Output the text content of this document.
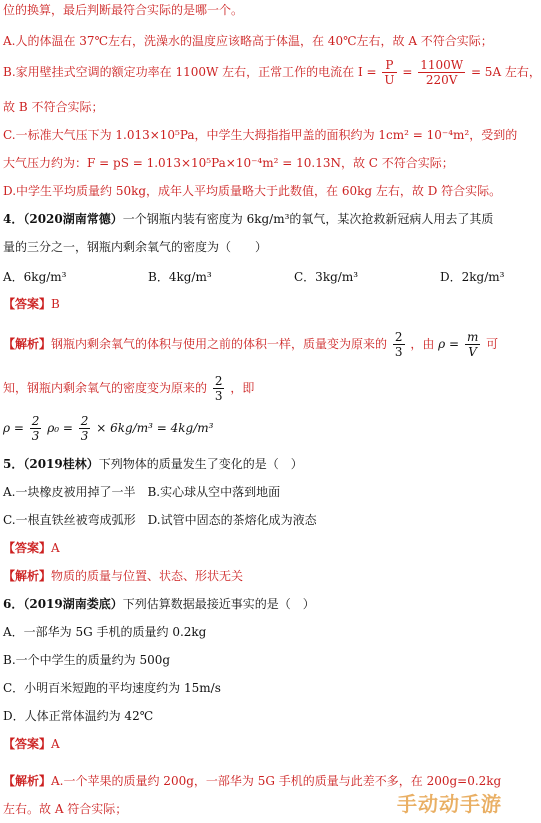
位的换算，最后判断最符合实际的是哪一个。
A.人的体温在 37℃左右，洗澡水的温度应该略高于体温，在 40℃左右，故 A 不符合实际；
B.家用壁挂式空调的额定功率在 1100W 左右，正常工作的电流在 $I = \frac{P}{U} = \frac{1100W}{220V} = 5A$ 左右，
故 B 不符合实际；
C.一标准大气压下为 1.013×10⁵Pa，中学生大拇指指甲盖的面积约为 1cm² = 10⁻⁴m²，受到的
大气压力约为：F = pS = 1.013×10⁵Pa×10⁻⁴m² = 10.13N，故 C 不符合实际；
D.中学生平均质量约 50kg，成年人平均质量略大于此数值，在 60kg 左右，故 D 符合实际。
4．（2020湖南常德）一个钢瓶内装有密度为 6kg/m³的氧气，某次抢救新冠病人用去了其质
量的三分之一，钢瓶内剩余氧气的密度为（　　）
A．6kg/m³	B．4kg/m³	C．3kg/m³	D．2kg/m³
【答案】B
【解析】钢瓶内剩余氧气的体积与使用之前的体积一样，质量变为原来的 $\frac{2}{3}$ ，由 $\rho = \frac{m}{V}$ 可
知，钢瓶内剩余氧气的密度变为原来的 $\frac{2}{3}$ ，即
$\rho = \frac{2}{3} \rho_0 = \frac{2}{3} \times 6kg/m^3 = 4kg/m^3$
5．（2019桂林）下列物体的质量发生了变化的是（　）
A.一块橡皮被用掉了一半　B.实心球从空中落到地面
C.一根直铁丝被弯成弧形　D.试管中固态的茶熔化成为液态
【答案】A
【解析】物质的质量与位置、状态、形状无关
6．（2019湖南娄底）下列估算数据最接近事实的是（　）
A．一部华为 5G 手机的质量约 0.2kg
B.一个中学生的质量约为 500g
C．小明百米短跑的平均速度约为 15m/s
D．人体正常体温约为 42℃
【答案】A
【解析】A.一个苹果的质量约 200g，一部华为 5G 手机的质量与此差不多，在 200g=0.2kg
左右。故 A 符合实际；	手动动手游
